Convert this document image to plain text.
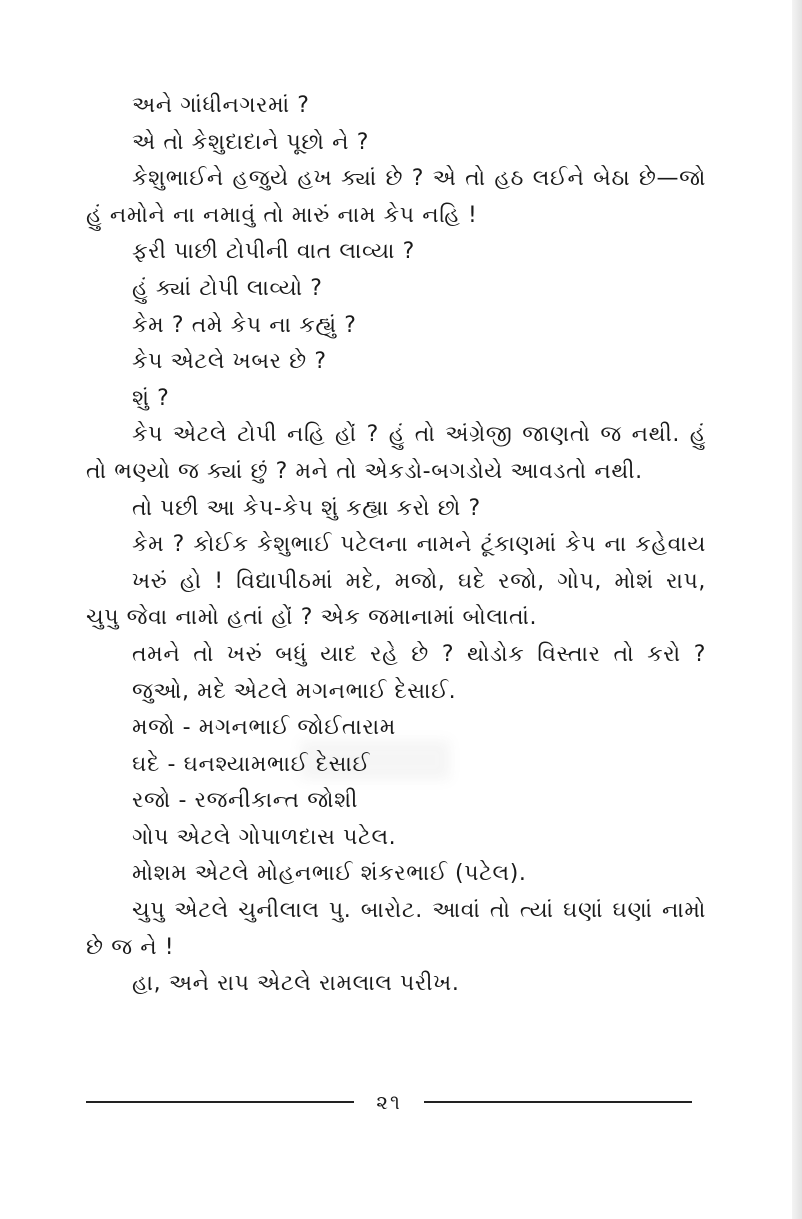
અને ગાંધીનગરમાં ?
એ તો કેશુદાદાને પૂછો ને ?
કેશુભાઈને હજુયે હખ ક્યાં છે ? એ તો હઠ લઈને બેઠા છે—જો
હું નમોને ના નમાવું તો મારું નામ કેપ નહિ !
ફરી પાછી ટોપીની વાત લાવ્યા ?
હું ક્યાં ટોપી લાવ્યો ?
કેમ ? તમે કેપ ના કહ્યું ?
કેપ એટલે ખબર છે ?
શું ?
કેપ એટલે ટોપી નહિ હોં ? હું તો અંગ્રેજી જાણતો જ નથી. હું
તો ભણ્યો જ ક્યાં છું ? મને તો એકડો-બગડોયે આવડતો નથી.
તો પછી આ કેપ-કેપ શું કહ્યા કરો છો ?
કેમ ? કોઈક કેશુભાઈ પટેલના નામને ટૂંકાણમાં કેપ ના કહેવાય
ખરું હો ! વિદ્યાપીઠમાં મદે, મજો, ઘદે રજો, ગોપ, મોશં રાપ,
ચુપુ જેવા નામો હતાં હોં ? એક જમાનામાં બોલાતાં.
તમને તો ખરું બધું યાદ રહે છે ? થોડોક વિસ્તાર તો કરો ?
જુઓ, મદે એટલે મગનભાઈ દેસાઈ.
મજો - મગનભાઈ જોઈતારામ
ઘદે - ઘનશ્યામભાઈ દેસાઈ
રજો - રજનીકાન્ત જોશી
ગોપ એટલે ગોપાળદાસ પટેલ.
મોશમ એટલે મોહનભાઈ શંકરભાઈ (પટેલ).
ચુપુ એટલે ચુનીલાલ પુ. બારોટ. આવાં તો ત્યાં ઘણાં ઘણાં નામો
છે જ ને !
હા, અને રાપ એટલે રામલાલ પરીખ.
૨૧
